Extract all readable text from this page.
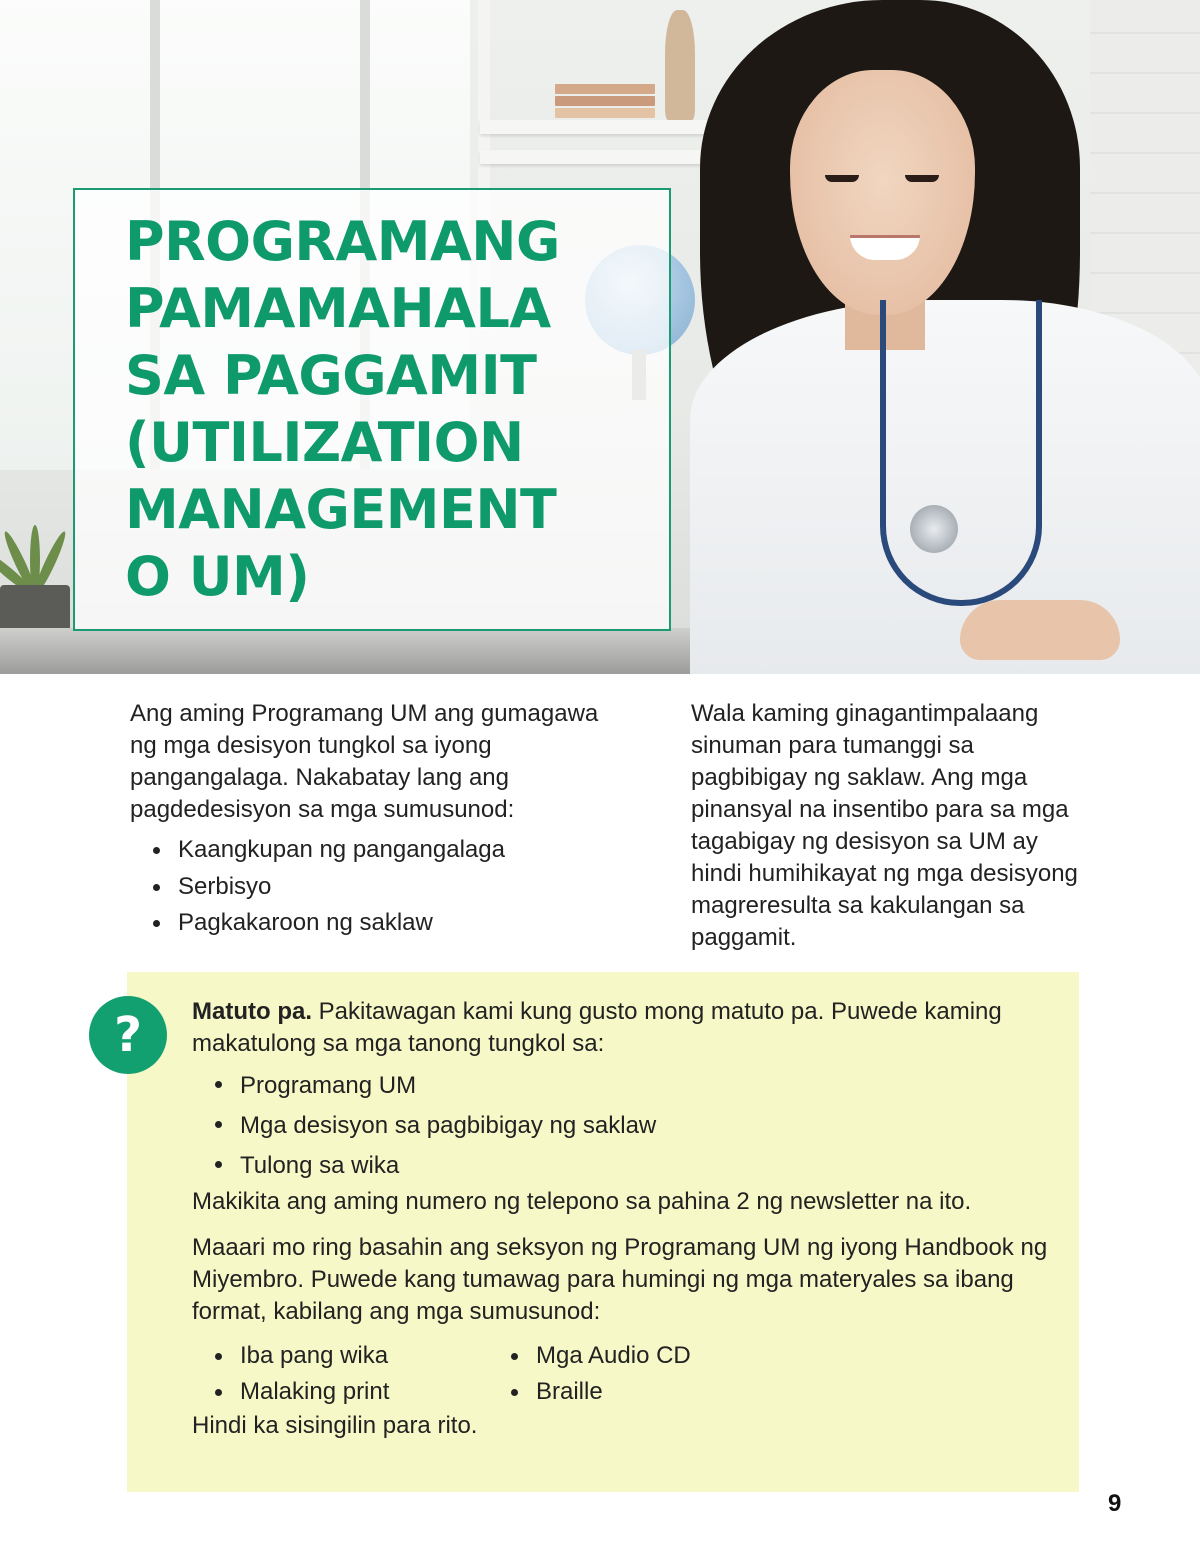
PROGRAMANG
PAMAMAHALA
SA PAGGAMIT
(UTILIZATION
MANAGEMENT
O UM)

Ang aming Programang UM ang gumagawa ng mga desisyon tungkol sa iyong pangangalaga. Nakabatay lang ang pagdedesisyon sa mga sumusunod:

Kaangkupan ng pangangalaga
Serbisyo
Pagkakaroon ng saklaw

Wala kaming ginagantimpalaang sinuman para tumanggi sa pagbibigay ng saklaw. Ang mga pinansyal na insentibo para sa mga tagabigay ng desisyon sa UM ay hindi humihikayat ng mga desisyong magreresulta sa kakulangan sa paggamit.

Matuto pa. Pakitawagan kami kung gusto mong matuto pa. Puwede kaming makatulong sa mga tanong tungkol sa:

Programang UM
Mga desisyon sa pagbibigay ng saklaw
Tulong sa wika

Makikita ang aming numero ng telepono sa pahina 2 ng newsletter na ito.

Maaari mo ring basahin ang seksyon ng Programang UM ng iyong Handbook ng Miyembro. Puwede kang tumawag para humingi ng mga materyales sa ibang format, kabilang ang mga sumusunod:

Iba pang wika
Malaking print
Mga Audio CD
Braille

Hindi ka sisingilin para rito.

?
9
